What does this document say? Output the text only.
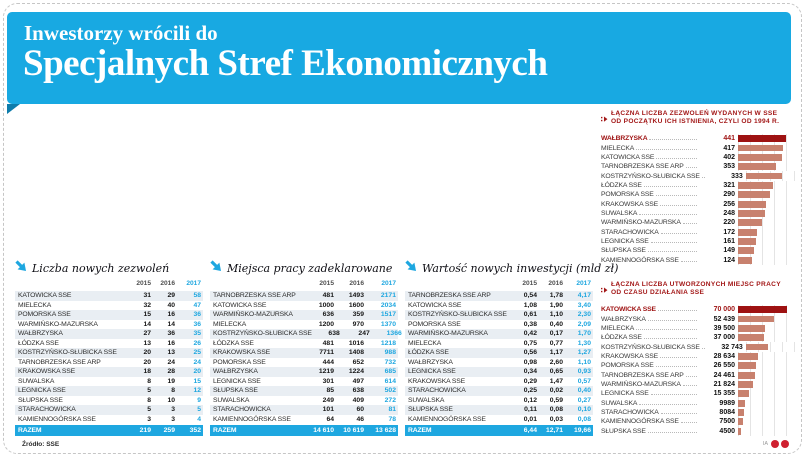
Inwestorzy wrócili do
Specjalnych Stref Ekonomicznych
Liczba nowych zezwoleń
2015	2016	2017
KATOWICKA SSE	31	29	58
MIELECKA	32	40	47
POMORSKA SSE	15	16	36
WARMIŃSKO-MAZURSKA	14	14	36
WAŁBRZYSKA	27	36	35
ŁÓDZKA SSE	13	16	26
KOSTRZYŃSKO-SŁUBICKA SSE	20	13	25
TARNOBRZESKA SSE ARP	20	24	24
KRAKOWSKA SSE	18	28	20
SUWALSKA	8	19	15
LEGNICKA SSE	5	8	12
SŁUPSKA SSE	8	10	9
STARACHOWICKA	5	3	5
KAMIENNOGÓRSKA SSE	3	3	4
RAZEM	219	259	352
Miejsca pracy zadeklarowane
2015	2016	2017
TARNOBRZESKA SSE ARP	481	1493	2171
KATOWICKA SSE	1000	1600	2034
WARMIŃSKO-MAZURSKA	636	359	1517
MIELECKA	1200	970	1370
KOSTRZYŃSKO-SŁUBICKA SSE	638	247	1366
ŁÓDZKA SSE	481	1016	1218
KRAKOWSKA SSE	7711	1408	988
POMORSKA SSE	444	652	732
WAŁBRZYSKA	1219	1224	685
LEGNICKA SSE	301	497	614
SŁUPSKA SSE	85	638	502
SUWALSKA	249	409	272
STARACHOWICKA	101	60	81
KAMIENNOGÓRSKA SSE	64	46	78
RAZEM	14 610	10 619	13 628
Wartość nowych inwestycji (mld zł)
2015	2016	2017
TARNOBRZESKA SSE ARP	0,54	1,78	4,17
KATOWICKA SSE	1,08	1,90	3,40
KOSTRZYŃSKO-SŁUBICKA SSE	0,61	1,10	2,30
POMORSKA SSE	0,38	0,40	2,09
WARMIŃSKO-MAZURSKA	0,42	0,17	1,70
MIELECKA	0,75	0,77	1,30
ŁÓDZKA SSE	0,56	1,17	1,27
WAŁBRZYSKA	0,98	2,60	1,10
LEGNICKA SSE	0,34	0,65	0,93
KRAKOWSKA SSE	0,29	1,47	0,57
STARACHOWICKA	0,25	0,02	0,40
SUWALSKA	0,12	0,59	0,27
SŁUPSKA SSE	0,11	0,08	0,10
KAMIENNOGÓRSKA SSE	0,01	0,03	0,08
RAZEM	6,44	12,71	19,66
Źródło: SSE
ŁĄCZNA LICZBA ZEZWOLEŃ WYDANYCH W SSE
OD POCZĄTKU ICH ISTNIENIA, CZYLI OD 1994 R.
WAŁBRZYSKA	441
MIELECKA	417
KATOWICKA SSE	402
TARNOBRZESKA SSE ARP	353
KOSTRZYŃSKO-SŁUBICKA SSE	333
ŁÓDZKA SSE	321
POMORSKA SSE	290
KRAKOWSKA SSE	256
SUWALSKA	248
WARMIŃSKO-MAZURSKA	220
STARACHOWICKA	172
LEGNICKA SSE	161
SŁUPSKA SSE	149
KAMIENNOGÓRSKA SSE	124
ŁĄCZNA LICZBA UTWORZONYCH MIEJSC PRACY
OD CZASU DZIAŁANIA SSE
KATOWICKA SSE	70 000
WAŁBRZYSKA	52 439
MIELECKA	39 500
ŁÓDZKA SSE	37 000
KOSTRZYŃSKO-SŁUBICKA SSE	32 743
KRAKOWSKA SSE	28 634
POMORSKA SSE	26 550
TARNOBRZESKA SSE ARP	24 461
WARMIŃSKO-MAZURSKA	21 824
LEGNICKA SSE	15 355
SUWALSKA	9989
STARACHOWICKA	8084
KAMIENNOGÓRSKA SSE	7500
SŁUPSKA SSE	4500
IA
